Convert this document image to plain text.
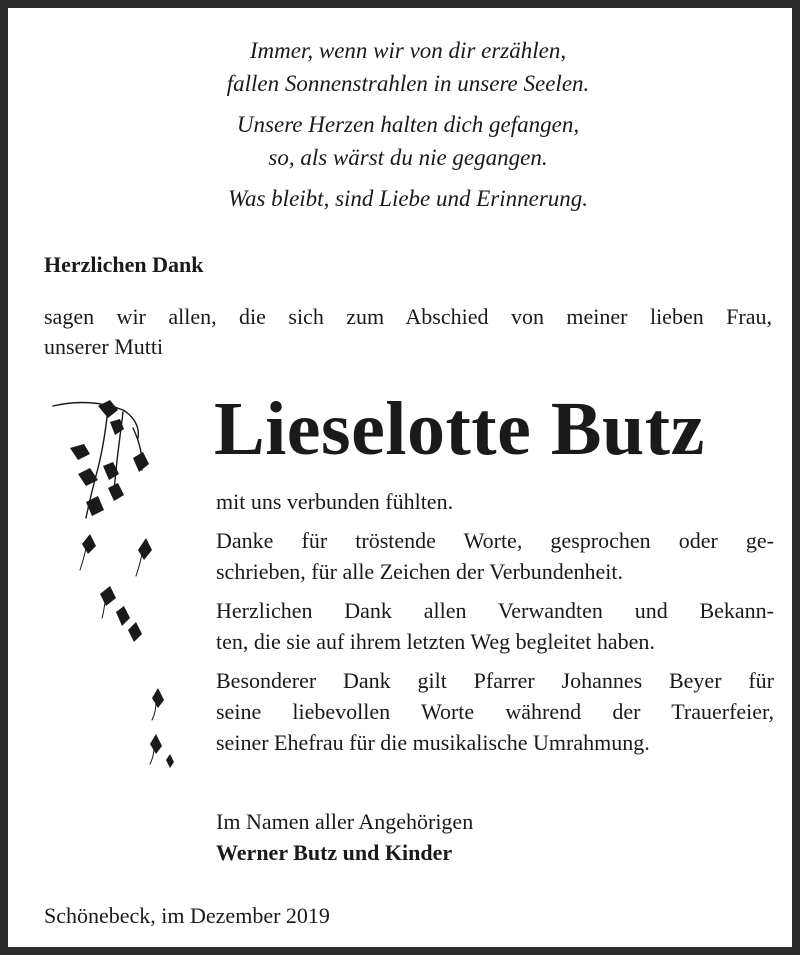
Immer, wenn wir von dir erzählen,

fallen Sonnenstrahlen in unsere Seelen.

Unsere Herzen halten dich gefangen,

so, als wärst du nie gegangen.

Was bleibt, sind Liebe und Erinnerung.

Herzlichen Dank

sagen wir allen, die sich zum Abschied von meiner lieben Frau,
unserer Mutti

Lieselotte Butz

mit uns verbunden fühlten.

Danke für tröstende Worte, gesprochen oder ge-
schrieben, für alle Zeichen der Verbundenheit.

Herzlichen Dank allen Verwandten und Bekann-
ten, die sie auf ihrem letzten Weg begleitet haben.

Besonderer Dank gilt Pfarrer Johannes Beyer für
seine liebevollen Worte während der Trauerfeier,
seiner Ehefrau für die musikalische Umrahmung.

Im Namen aller Angehörigen

Werner Butz und Kinder

Schönebeck, im Dezember 2019
